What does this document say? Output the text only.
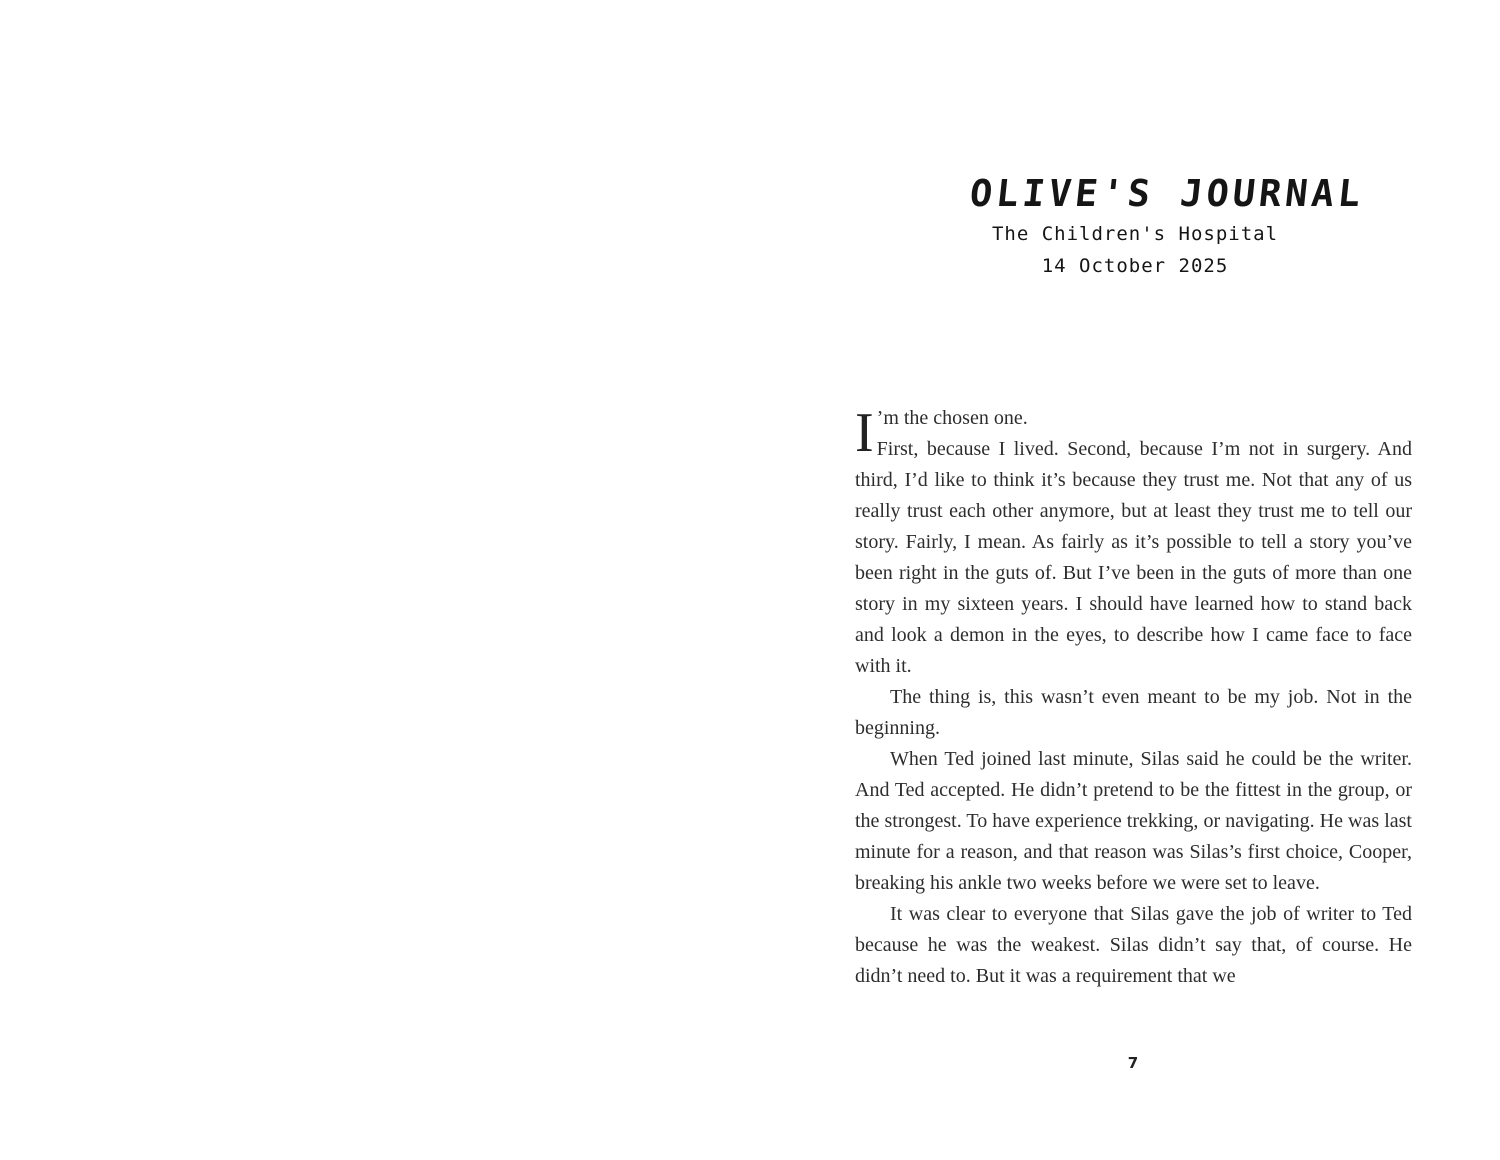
OLIVE'S JOURNAL
The Children's Hospital
14 October 2025

I ’m the chosen one.

First, because I lived. Second, because I’m not in surgery. And third, I’d like to think it’s because they trust me. Not that any of us really trust each other anymore, but at least they trust me to tell our story. Fairly, I mean. As fairly as it’s possible to tell a story you’ve been right in the guts of. But I’ve been in the guts of more than one story in my sixteen years. I should have learned how to stand back and look a demon in the eyes, to describe how I came face to face with it.

The thing is, this wasn’t even meant to be my job. Not in the beginning.

When Ted joined last minute, Silas said he could be the writer. And Ted accepted. He didn’t pretend to be the fittest in the group, or the strongest. To have experience trekking, or navigating. He was last minute for a reason, and that reason was Silas’s first choice, Cooper, breaking his ankle two weeks before we were set to leave.

It was clear to everyone that Silas gave the job of writer to Ted because he was the weakest. Silas didn’t say that, of course. He didn’t need to. But it was a requirement that we

7
